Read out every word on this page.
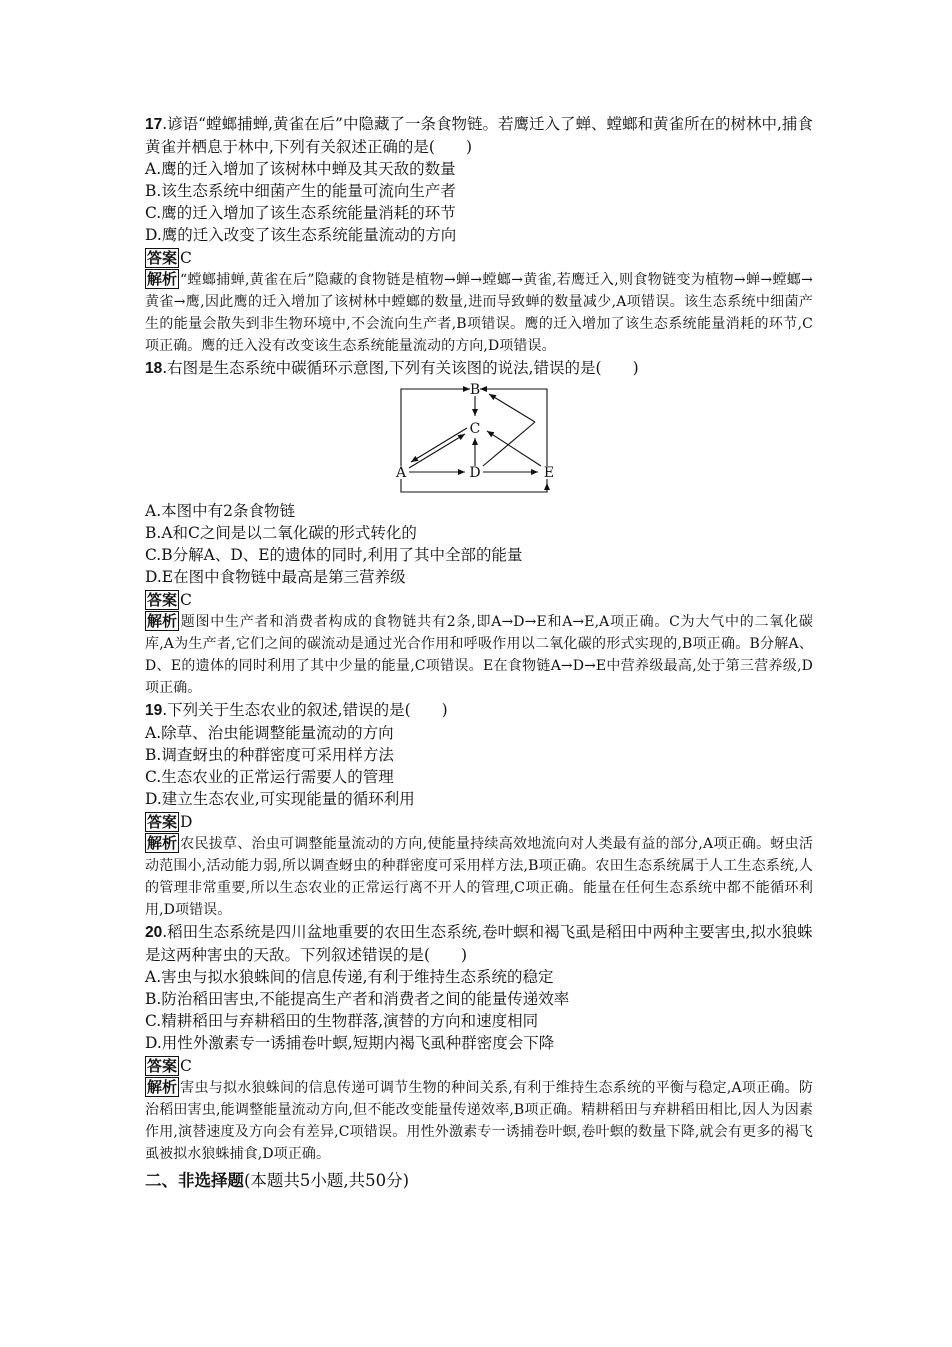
17.谚语“螳螂捕蝉,黄雀在后”中隐藏了一条食物链。若鹰迁入了蝉、螳螂和黄雀所在的树林中,捕食黄雀并栖息于林中,下列有关叙述正确的是(　　)

A.鹰的迁入增加了该树林中蝉及其天敌的数量

B.该生态系统中细菌产生的能量可流向生产者

C.鹰的迁入增加了该生态系统能量消耗的环节

D.鹰的迁入改变了该生态系统能量流动的方向

答案 C

解析 “螳螂捕蝉,黄雀在后”隐藏的食物链是植物→蝉→螳螂→黄雀,若鹰迁入,则食物链变为植物→蝉→螳螂→黄雀→鹰,因此鹰的迁入增加了该树林中螳螂的数量,进而导致蝉的数量减少,A项错误。该生态系统中细菌产生的能量会散失到非生物环境中,不会流向生产者,B项错误。鹰的迁入增加了该生态系统能量消耗的环节,C项正确。鹰的迁入没有改变该生态系统能量流动的方向,D项错误。

18.右图是生态系统中碳循环示意图,下列有关该图的说法,错误的是(　　)

B
C
A	D	E

A.本图中有2条食物链

B.A和C之间是以二氧化碳的形式转化的

C.B分解A、D、E的遗体的同时,利用了其中全部的能量

D.E在图中食物链中最高是第三营养级

答案 C

解析 题图中生产者和消费者构成的食物链共有2条,即A→D→E和A→E,A项正确。C为大气中的二氧化碳库,A为生产者,它们之间的碳流动是通过光合作用和呼吸作用以二氧化碳的形式实现的,B项正确。B分解A、D、E的遗体的同时利用了其中少量的能量,C项错误。E在食物链A→D→E中营养级最高,处于第三营养级,D项正确。

19.下列关于生态农业的叙述,错误的是(　　)

A.除草、治虫能调整能量流动的方向

B.调查蚜虫的种群密度可采用样方法

C.生态农业的正常运行需要人的管理

D.建立生态农业,可实现能量的循环利用

答案 D

解析 农民拔草、治虫可调整能量流动的方向,使能量持续高效地流向对人类最有益的部分,A项正确。蚜虫活动范围小,活动能力弱,所以调查蚜虫的种群密度可采用样方法,B项正确。农田生态系统属于人工生态系统,人的管理非常重要,所以生态农业的正常运行离不开人的管理,C项正确。能量在任何生态系统中都不能循环利用,D项错误。

20.稻田生态系统是四川盆地重要的农田生态系统,卷叶螟和褐飞虱是稻田中两种主要害虫,拟水狼蛛是这两种害虫的天敌。下列叙述错误的是(　　)

A.害虫与拟水狼蛛间的信息传递,有利于维持生态系统的稳定

B.防治稻田害虫,不能提高生产者和消费者之间的能量传递效率

C.精耕稻田与弃耕稻田的生物群落,演替的方向和速度相同

D.用性外激素专一诱捕卷叶螟,短期内褐飞虱种群密度会下降

答案 C

解析 害虫与拟水狼蛛间的信息传递可调节生物的种间关系,有利于维持生态系统的平衡与稳定,A项正确。防治稻田害虫,能调整能量流动方向,但不能改变能量传递效率,B项正确。精耕稻田与弃耕稻田相比,因人为因素作用,演替速度及方向会有差异,C项错误。用性外激素专一诱捕卷叶螟,卷叶螟的数量下降,就会有更多的褐飞虱被拟水狼蛛捕食,D项正确。

二、非选择题(本题共5小题,共50分)
